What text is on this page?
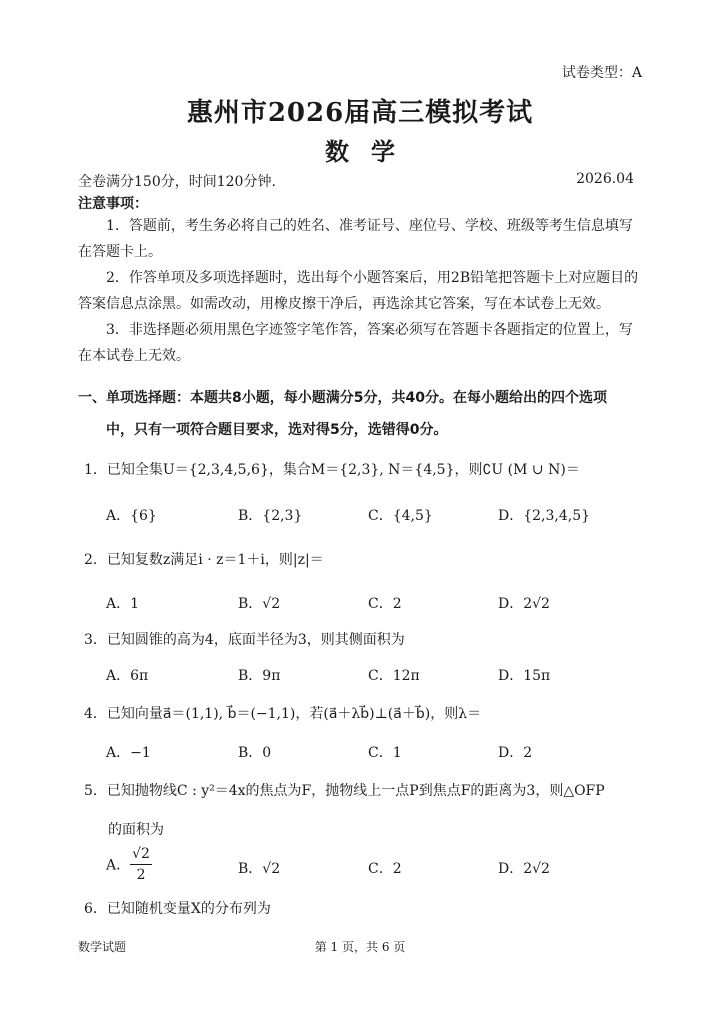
试卷类型：A
惠州市2026届高三模拟考试
数学
全卷满分150分，时间120分钟.	2026.04
注意事项：
1．答题前，考生务必将自己的姓名、准考证号、座位号、学校、班级等考生信息填写在答题卡上。
2．作答单项及多项选择题时，选出每个小题答案后，用2B铅笔把答题卡上对应题目的答案信息点涂黑。如需改动，用橡皮擦干净后，再选涂其它答案，写在本试卷上无效。
3．非选择题必须用黑色字迹签字笔作答，答案必须写在答题卡各题指定的位置上，写在本试卷上无效。
一、单项选择题：本题共8小题，每小题满分5分，共40分。在每小题给出的四个选项
中，只有一项符合题目要求，选对得5分，选错得0分。
1．已知全集U＝{2,3,4,5,6}，集合M＝{2,3}, N＝{4,5}，则∁U (M ∪ N)＝
A．{6}	B．{2,3}	C．{4,5}	D．{2,3,4,5}
2．已知复数z满足i · z＝1＋i，则|z|＝
A．1	B．√2	C．2	D．2√2
3．已知圆锥的高为4，底面半径为3，则其侧面积为
A．6π	B．9π	C．12π	D．15π
4．已知向量a⃗＝(1,1), b⃗＝(−1,1)，若(a⃗＋λb⃗)⊥(a⃗＋b⃗)，则λ＝
A．−1	B．0	C．1	D．2
5．已知抛物线C : y²＝4x的焦点为F，抛物线上一点P到焦点F的距离为3，则△OFP
的面积为
A． $\frac{√2}{2}$	B．√2	C．2	D．2√2
6．已知随机变量X的分布列为
数学试题	第 1 页，共 6 页
